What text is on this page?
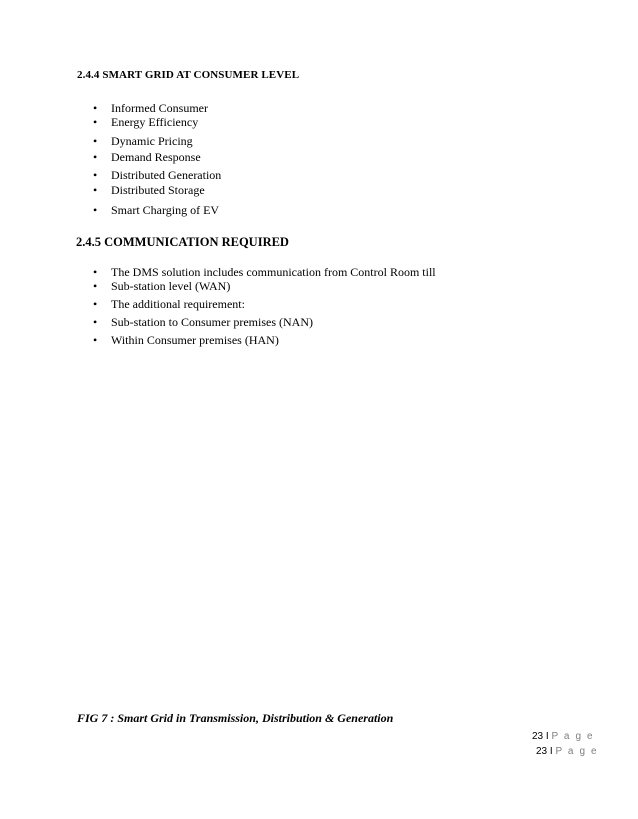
2.4.4 SMART GRID AT CONSUMER LEVEL
• Informed Consumer
• Energy Efficiency
• Dynamic Pricing
• Demand Response
• Distributed Generation
• Distributed Storage
• Smart Charging of EV
2.4.5 COMMUNICATION REQUIRED
• The DMS solution includes communication from Control Room till
• Sub-station level (WAN)
• The additional requirement:
• Sub-station to Consumer premises (NAN)
• Within Consumer premises (HAN)
FIG 7 : Smart Grid in Transmission, Distribution & Generation
23 I P a g e
23 I P a g e
